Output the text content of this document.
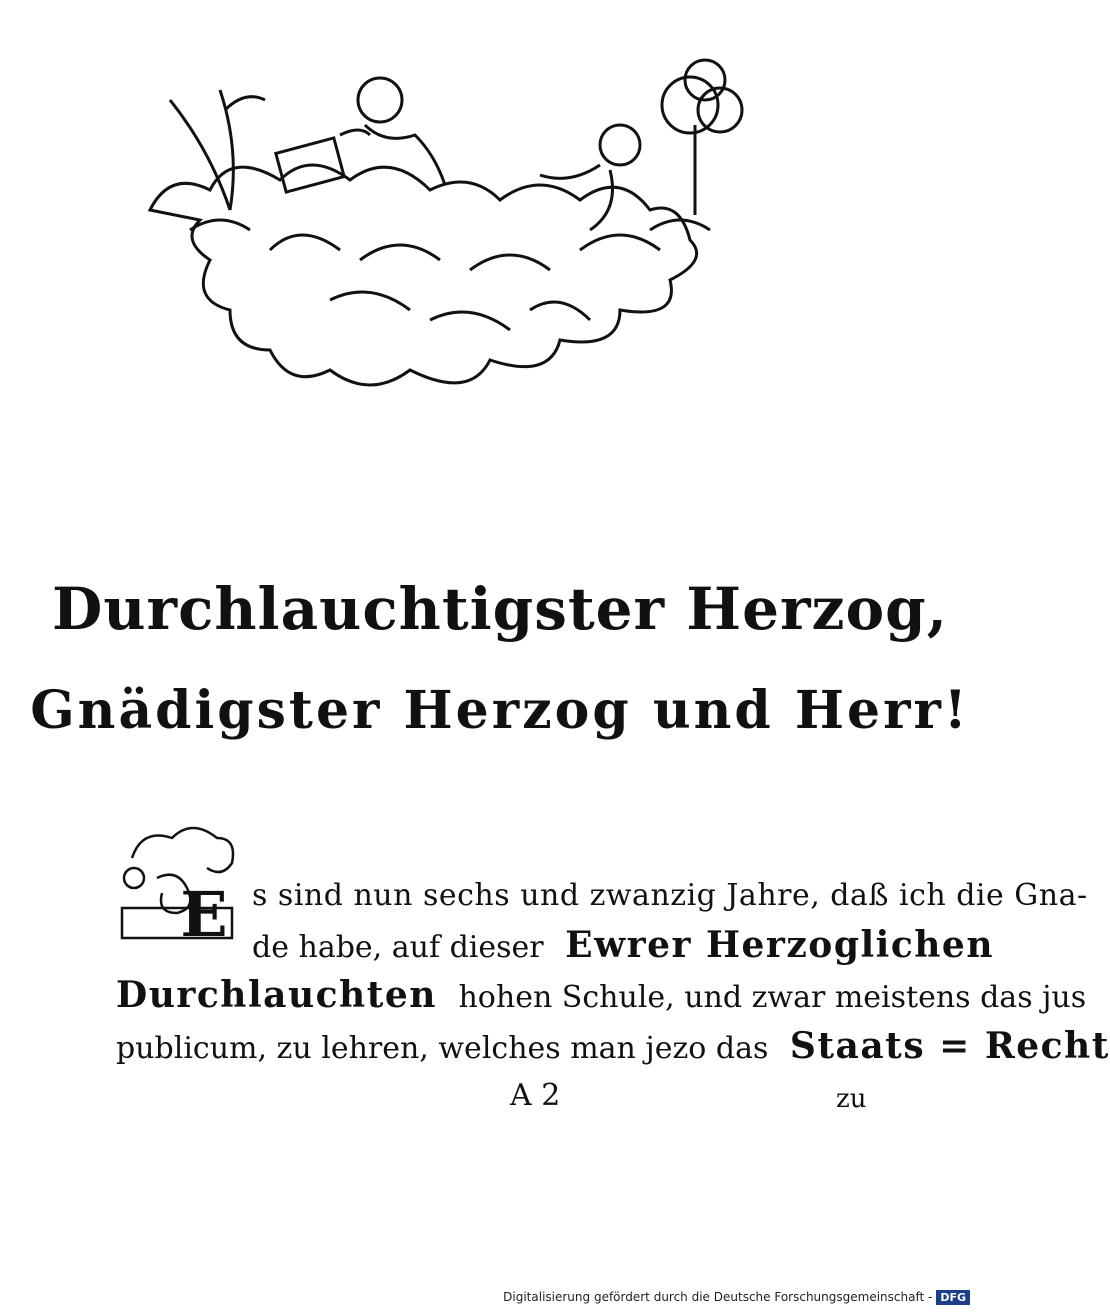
Durchlauchtigster Herzog,
Gnädigster Herzog und Herr!
E s sind nun sechs und zwanzig Jahre, daß ich die Gna-
de habe, auf dieser Ewrer Herzoglichen
Durchlauchten hohen Schule, und zwar meistens das jus
publicum, zu lehren, welches man jezo das Staats = Recht
A 2	zu
Digitalisierung gefördert durch die Deutsche Forschungsgemeinschaft - DFG
